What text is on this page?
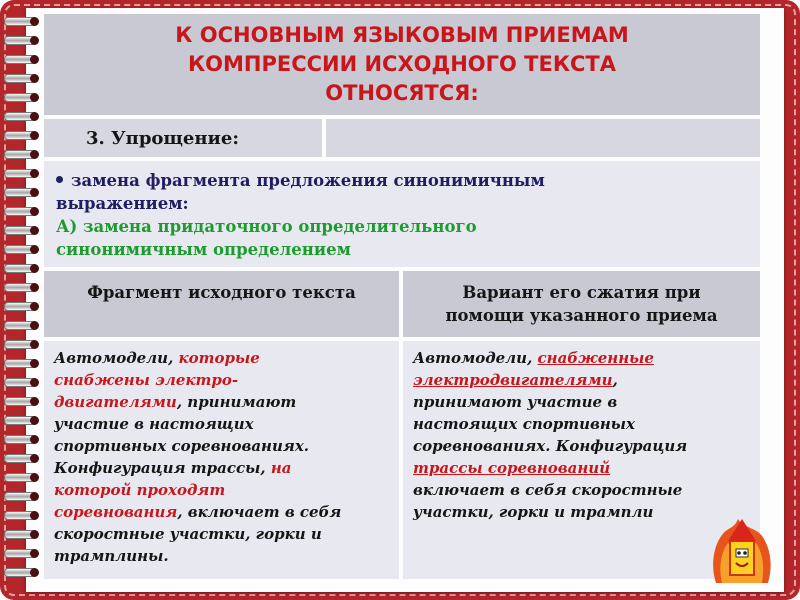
К ОСНОВНЫМ ЯЗЫКОВЫМ ПРИЕМАМ
КОМПРЕССИИ ИСХОДНОГО ТЕКСТА
ОТНОСЯТСЯ:
3. Упрощение:
замена фрагмента предложения синонимичным
выражением:
А) замена придаточного определительного
синонимичным определением
Фрагмент исходного текста	Вариант его сжатия при
помощи указанного приема
Автомодели, которые
снабжены электро-
двигателями, принимают
участие в настоящих
спортивных соревнованиях.
Конфигурация трассы, на
которой проходят
соревнования, включает в себя
скоростные участки, горки и
трамплины.
Автомодели, снабженные
электродвигателями,
принимают участие в
настоящих спортивных
соревнованиях. Конфигурация
трассы соревнований
включает в себя скоростные
участки, горки и трампли
